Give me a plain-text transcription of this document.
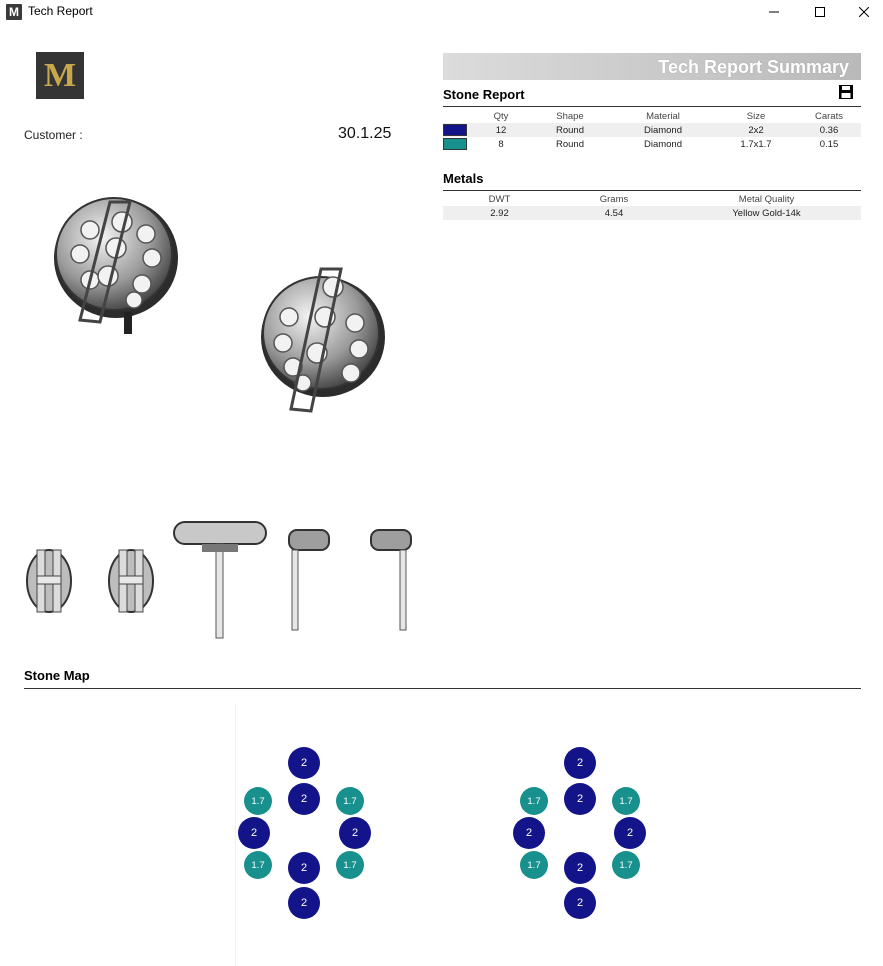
M Tech Report
M
Customer :	30.1.25
Tech Report Summary
Stone Report
	Qty	Shape	Material	Size	Carats
	12	Round	Diamond	2x2	0.36
	8	Round	Diamond	1.7x1.7	0.15
Metals
DWT	Grams	Metal Quality
2.92	4.54	Yellow Gold-14k
Stone Map
2
1.7	2	1.7
2	2
1.7	2	1.7
2
2
1.7	2	1.7
2	2
1.7	2	1.7
2
